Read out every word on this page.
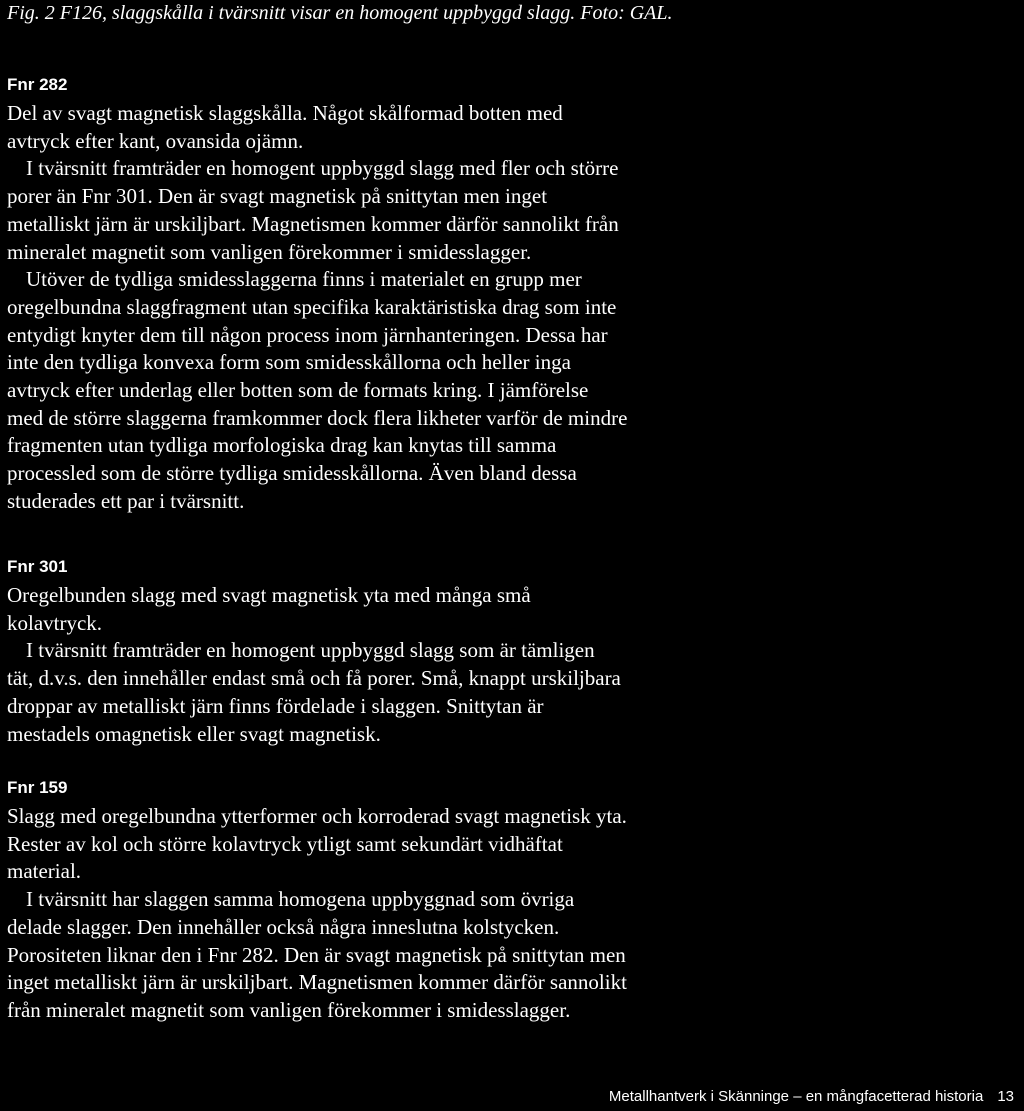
Fig. 2 F126, slaggskålla i tvärsnitt visar en homogent uppbyggd slagg. Foto: GAL.
Fnr 282

Del av svagt magnetisk slaggskålla. Något skålformad botten med
avtryck efter kant, ovansida ojämn.

I tvärsnitt framträder en homogent uppbyggd slagg med fler och större
porer än Fnr 301. Den är svagt magnetisk på snittytan men inget
metalliskt järn är urskiljbart. Magnetismen kommer därför sannolikt från
mineralet magnetit som vanligen förekommer i smidesslagger.

Utöver de tydliga smidesslaggerna finns i materialet en grupp mer
oregelbundna slaggfragment utan specifika karaktäristiska drag som inte
entydigt knyter dem till någon process inom järnhanteringen. Dessa har
inte den tydliga konvexa form som smidesskållorna och heller inga
avtryck efter underlag eller botten som de formats kring. I jämförelse
med de större slaggerna framkommer dock flera likheter varför de mindre
fragmenten utan tydliga morfologiska drag kan knytas till samma
processled som de större tydliga smidesskållorna. Även bland dessa
studerades ett par i tvärsnitt.

Fnr 301

Oregelbunden slagg med svagt magnetisk yta med många små
kolavtryck.

I tvärsnitt framträder en homogent uppbyggd slagg som är tämligen
tät, d.v.s. den innehåller endast små och få porer. Små, knappt urskiljbara
droppar av metalliskt järn finns fördelade i slaggen. Snittytan är
mestadels omagnetisk eller svagt magnetisk.

Fnr 159

Slagg med oregelbundna ytterformer och korroderad svagt magnetisk yta.
Rester av kol och större kolavtryck ytligt samt sekundärt vidhäftat
material.

I tvärsnitt har slaggen samma homogena uppbyggnad som övriga
delade slagger. Den innehåller också några inneslutna kolstycken.
Porositeten liknar den i Fnr 282. Den är svagt magnetisk på snittytan men
inget metalliskt järn är urskiljbart. Magnetismen kommer därför sannolikt
från mineralet magnetit som vanligen förekommer i smidesslagger.

Metallhantverk i Skänninge – en mångfacetterad historia 13
